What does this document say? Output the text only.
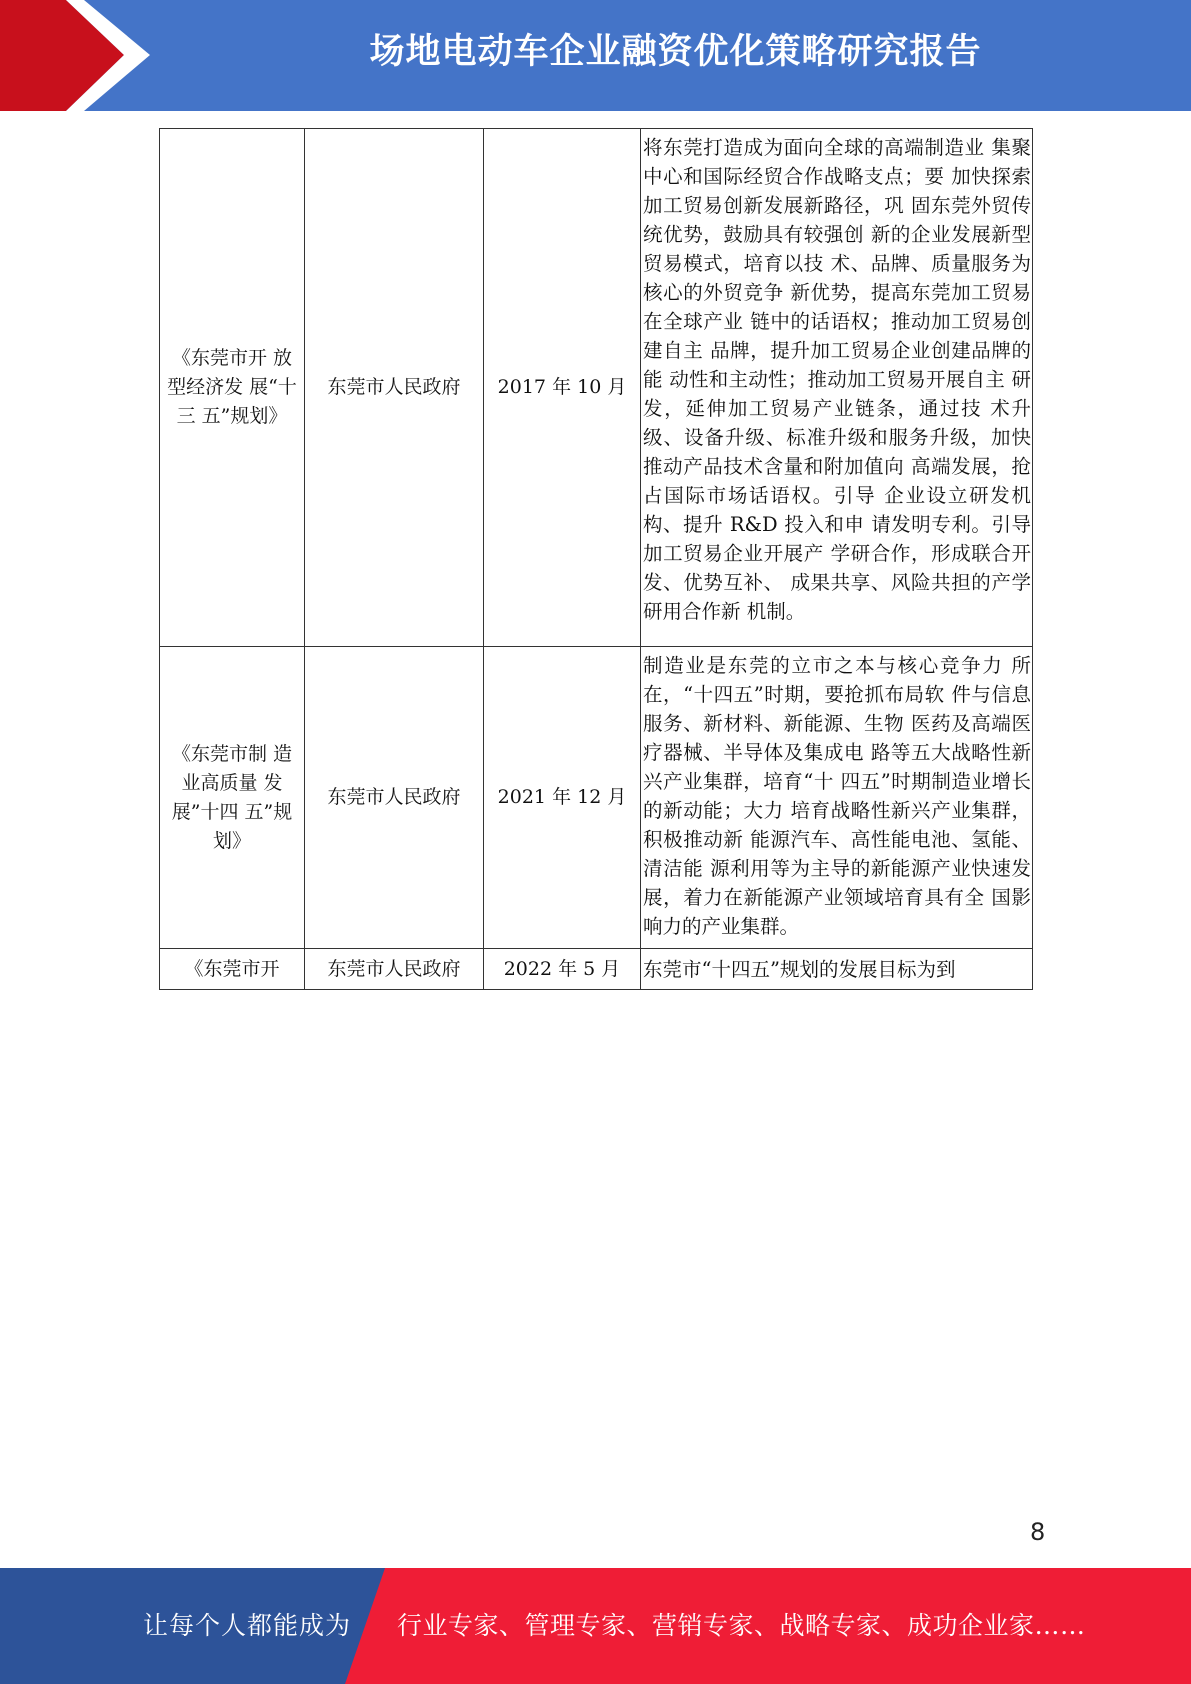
场地电动车企业融资优化策略研究报告
《东莞市开 放型经济发 展“十三 五”规划》	东莞市人民政府	2017 年 10 月	将东莞打造成为面向全球的高端制造业 集聚中心和国际经贸合作战略支点；要 加快探索加工贸易创新发展新路径，巩 固东莞外贸传统优势，鼓励具有较强创 新的企业发展新型贸易模式，培育以技 术、品牌、质量服务为核心的外贸竞争 新优势，提高东莞加工贸易在全球产业 链中的话语权；推动加工贸易创建自主 品牌，提升加工贸易企业创建品牌的能 动性和主动性；推动加工贸易开展自主 研发，延伸加工贸易产业链条，通过技 术升级、设备升级、标准升级和服务升级，加快推动产品技术含量和附加值向 高端发展，抢占国际市场话语权。引导 企业设立研发机构、提升 R&D 投入和申 请发明专利。引导加工贸易企业开展产 学研合作，形成联合开发、优势互补、 成果共享、风险共担的产学研用合作新 机制。
《东莞市制 造业高质量 发展”十四 五”规划》	东莞市人民政府	2021 年 12 月	制造业是东莞的立市之本与核心竞争力 所在，“十四五”时期，要抢抓布局软 件与信息服务、新材料、新能源、生物 医药及高端医疗器械、半导体及集成电 路等五大战略性新兴产业集群，培育“十 四五”时期制造业增长的新动能；大力 培育战略性新兴产业集群，积极推动新 能源汽车、高性能电池、氢能、清洁能 源利用等为主导的新能源产业快速发 展，着力在新能源产业领域培育具有全 国影响力的产业集群。
《东莞市开	东莞市人民政府	2022 年 5 月	东莞市“十四五”规划的发展目标为到
8
让每个人都能成为 行业专家、管理专家、营销专家、战略专家、成功企业家……
